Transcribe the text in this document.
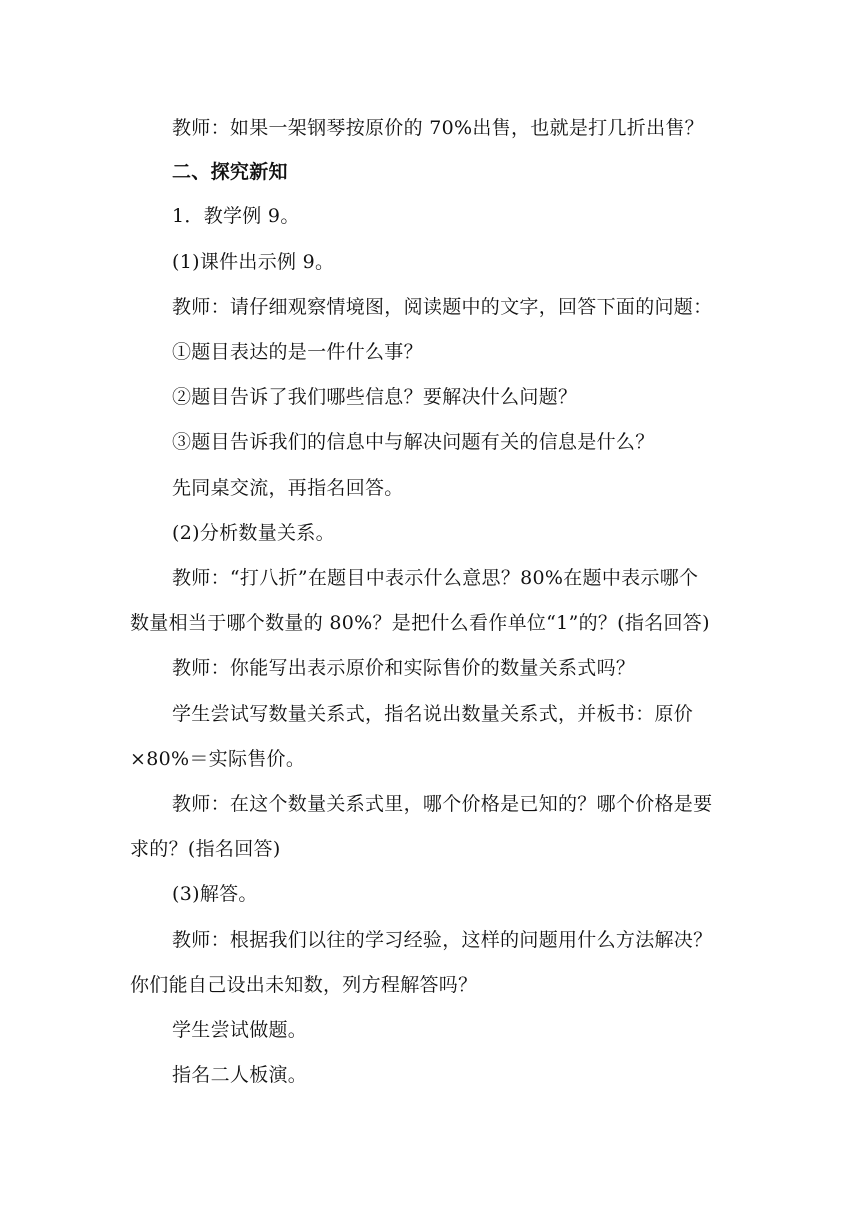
教师：如果一架钢琴按原价的 70%出售，也就是打几折出售？
二、探究新知
1．教学例 9。
(1)课件出示例 9。
教师：请仔细观察情境图，阅读题中的文字，回答下面的问题：
①题目表达的是一件什么事？
②题目告诉了我们哪些信息？要解决什么问题？
③题目告诉我们的信息中与解决问题有关的信息是什么？
先同桌交流，再指名回答。
(2)分析数量关系。
教师：“打八折”在题目中表示什么意思？80%在题中表示哪个
数量相当于哪个数量的 80%？是把什么看作单位“1”的？(指名回答)
教师：你能写出表示原价和实际售价的数量关系式吗？
学生尝试写数量关系式，指名说出数量关系式，并板书：原价
×80%＝实际售价。
教师：在这个数量关系式里，哪个价格是已知的？哪个价格是要
求的？(指名回答)
(3)解答。
教师：根据我们以往的学习经验，这样的问题用什么方法解决？
你们能自己设出未知数，列方程解答吗？
学生尝试做题。
指名二人板演。
